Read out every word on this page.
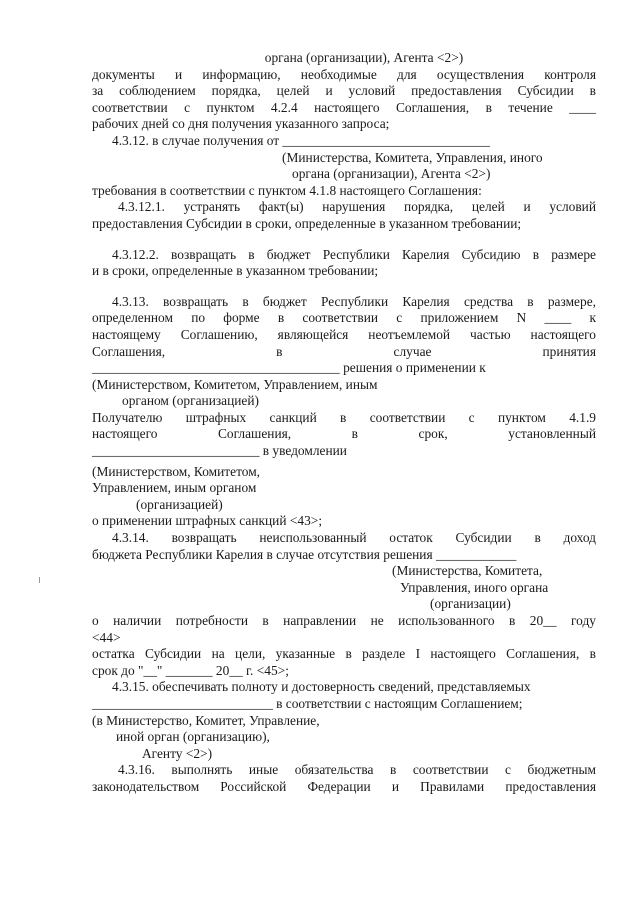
органа (организации), Агента <2>)
документы и информацию, необходимые для осуществления контроля
за соблюдением порядка, целей и условий предоставления Субсидии в
соответствии с пунктом 4.2.4 настоящего Соглашения, в течение ____
рабочих дней со дня получения указанного запроса;
4.3.12. в случае получения от _______________________________
(Министерства, Комитета, Управления, иного
органа (организации), Агента <2>)
требования в соответствии с пунктом 4.1.8 настоящего Соглашения:
4.3.12.1. устранять факт(ы) нарушения порядка, целей и условий
предоставления Субсидии в сроки, определенные в указанном требовании;
4.3.12.2. возвращать в бюджет Республики Карелия Субсидию в размере
и в сроки, определенные в указанном требовании;
4.3.13. возвращать в бюджет Республики Карелия средства в размере,
определенном по форме в соответствии с приложением N ____ к
настоящему Соглашению, являющейся неотъемлемой частью настоящего
Соглашения, в случае принятия
_____________________________________ решения о применении к
(Министерством, Комитетом, Управлением, иным
органом (организацией)
Получателю штрафных санкций в соответствии с пунктом 4.1.9
настоящего Соглашения, в срок, установленный
_________________________ в уведомлении
(Министерством, Комитетом,
Управлением, иным органом
(организацией)
о применении штрафных санкций <43>;
4.3.14. возвращать неиспользованный остаток Субсидии в доход
бюджета Республики Карелия в случае отсутствия решения ____________
(Министерства, Комитета,
Управления, иного органа
(организации)
о наличии потребности в направлении не использованного в 20__ году
<44>
остатка Субсидии на цели, указанные в разделе I настоящего Соглашения, в
срок до "__" _______ 20__ г. <45>;
4.3.15. обеспечивать полноту и достоверность сведений, представляемых
___________________________ в соответствии с настоящим Соглашением;
(в Министерство, Комитет, Управление,
иной орган (организацию),
Агенту <2>)
4.3.16. выполнять иные обязательства в соответствии с бюджетным
законодательством Российской Федерации и Правилами предоставления
